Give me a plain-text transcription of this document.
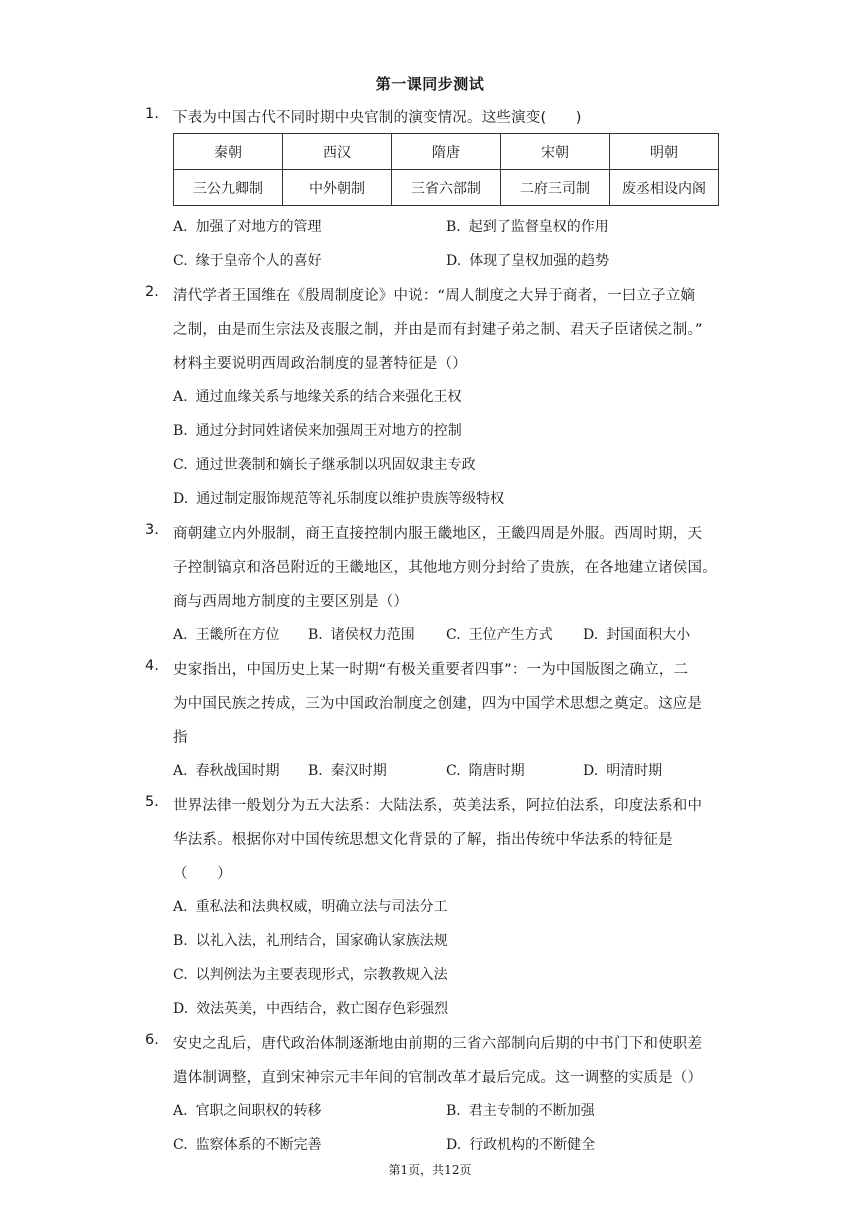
第一课同步测试
1. 下表为中国古代不同时期中央官制的演变情况。这些演变(　　)
秦朝	西汉	隋唐	宋朝	明朝
三公九卿制	中外朝制	三省六部制	二府三司制	废丞相设内阁
A. 加强了对地方的管理	B. 起到了监督皇权的作用
C. 缘于皇帝个人的喜好	D. 体现了皇权加强的趋势
2. 清代学者王国维在《殷周制度论》中说：“周人制度之大异于商者，一曰立子立嫡
之制，由是而生宗法及丧服之制，并由是而有封建子弟之制、君天子臣诸侯之制。”
材料主要说明西周政治制度的显著特征是（）
A. 通过血缘关系与地缘关系的结合来强化王权
B. 通过分封同姓诸侯来加强周王对地方的控制
C. 通过世袭制和嫡长子继承制以巩固奴隶主专政
D. 通过制定服饰规范等礼乐制度以维护贵族等级特权
3. 商朝建立内外服制，商王直接控制内服王畿地区，王畿四周是外服。西周时期，天
子控制镐京和洛邑附近的王畿地区，其他地方则分封给了贵族，在各地建立诸侯国。
商与西周地方制度的主要区别是（）
A. 王畿所在方位 B. 诸侯权力范围 C. 王位产生方式 D. 封国面积大小
4. 史家指出，中国历史上某一时期“有极关重要者四事”：一为中国版图之确立，二
为中国民族之抟成，三为中国政治制度之创建，四为中国学术思想之奠定。这应是
指
A. 春秋战国时期 B. 秦汉时期	C. 隋唐时期	D. 明清时期
5. 世界法律一般划分为五大法系：大陆法系，英美法系，阿拉伯法系，印度法系和中
华法系。根据你对中国传统思想文化背景的了解，指出传统中华法系的特征是
（　　）
A. 重私法和法典权威，明确立法与司法分工
B. 以礼入法，礼刑结合，国家确认家族法规
C. 以判例法为主要表现形式，宗教教规入法
D. 效法英美，中西结合，救亡图存色彩强烈
6. 安史之乱后，唐代政治体制逐渐地由前期的三省六部制向后期的中书门下和使职差
遣体制调整，直到宋神宗元丰年间的官制改革才最后完成。这一调整的实质是（）
A. 官职之间职权的转移	B. 君主专制的不断加强
C. 监察体系的不断完善	D. 行政机构的不断健全
第1页，共12页
